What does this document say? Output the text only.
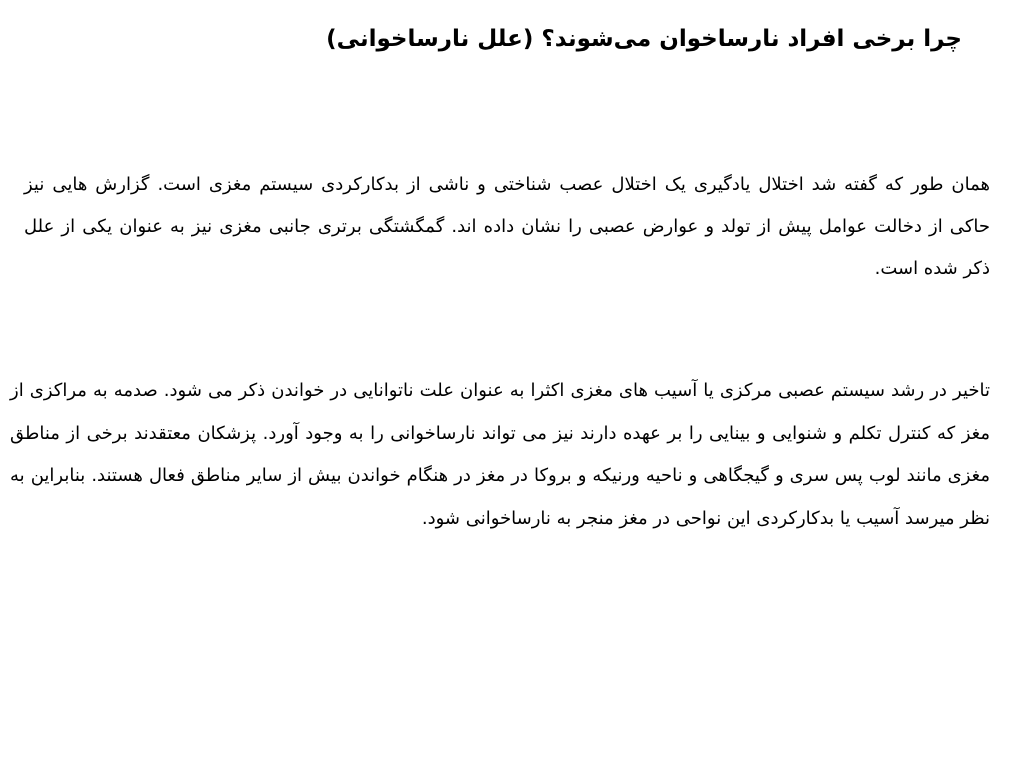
چرا برخی افراد نارساخوان می‌شوند؟ (علل نارساخوانی)

همان طور که گفته شد اختلال یادگیری یک اختلال عصب شناختی و ناشی از بدکارکردی سیستم مغزی است. گزارش هایی نیز حاکی از دخالت عوامل پیش از تولد و عوارض عصبی را نشان داده اند. گمگشتگی برتری جانبی مغزی نیز به عنوان یکی از علل ذکر شده است.

تاخیر در رشد سیستم عصبی مرکزی یا آسیب های مغزی اکثرا به عنوان علت ناتوانایی در خواندن ذکر می شود. صدمه به مراکزی از مغز که کنترل تکلم و شنوایی و بینایی را بر عهده دارند نیز می تواند نارساخوانی را به وجود آورد. پزشکان معتقدند برخی از مناطق مغزی مانند لوب پس سری و گیجگاهی و ناحیه ورنیکه و بروکا در مغز در هنگام خواندن بیش از سایر مناطق فعال هستند. بنابراین به نظر میرسد آسیب یا بدکارکردی این نواحی در مغز منجر به نارساخوانی شود.
